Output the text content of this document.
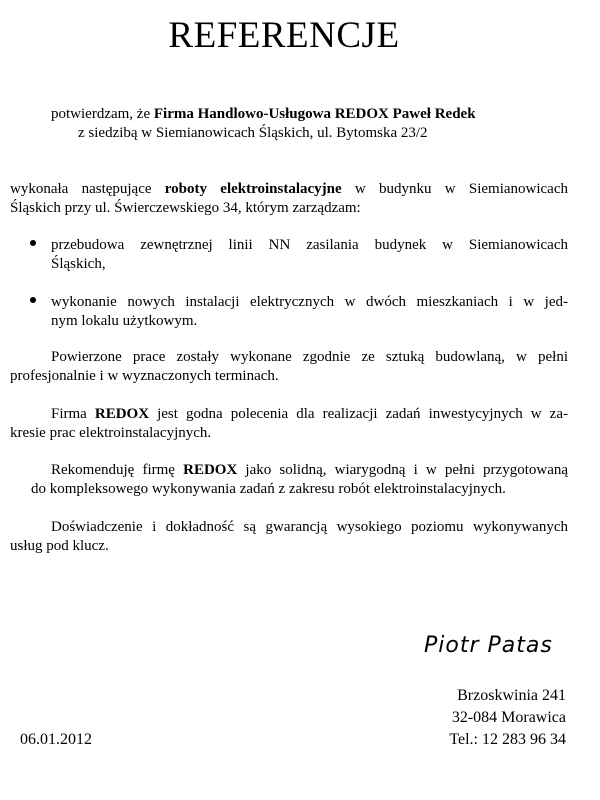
REFERENCJE
potwierdzam, że Firma Handlowo-Usługowa REDOX Paweł Redek
z siedzibą w Siemianowicach Śląskich, ul. Bytomska 23/2
wykonała następujące roboty elektroinstalacyjne w budynku w Siemianowicach
Śląskich przy ul. Świerczewskiego 34, którym zarządzam:
przebudowa zewnętrznej linii NN zasilania budynek w Siemianowicach
Śląskich,
wykonanie nowych instalacji elektrycznych w dwóch mieszkaniach i w jed-
nym lokalu użytkowym.
Powierzone prace zostały wykonane zgodnie ze sztuką budowlaną, w pełni
profesjonalnie i w wyznaczonych terminach.
Firma REDOX jest godna polecenia dla realizacji zadań inwestycyjnych w za-
kresie prac elektroinstalacyjnych.
Rekomenduję firmę REDOX jako solidną, wiarygodną i w pełni przygotowaną
do kompleksowego wykonywania zadań z zakresu robót elektroinstalacyjnych.
Doświadczenie i dokładność są gwarancją wysokiego poziomu wykonywanych
usług pod klucz.
Piotr Patas
Brzoskwinia 241
32-084 Morawica
Tel.: 12 283 96 34
06.01.2012
